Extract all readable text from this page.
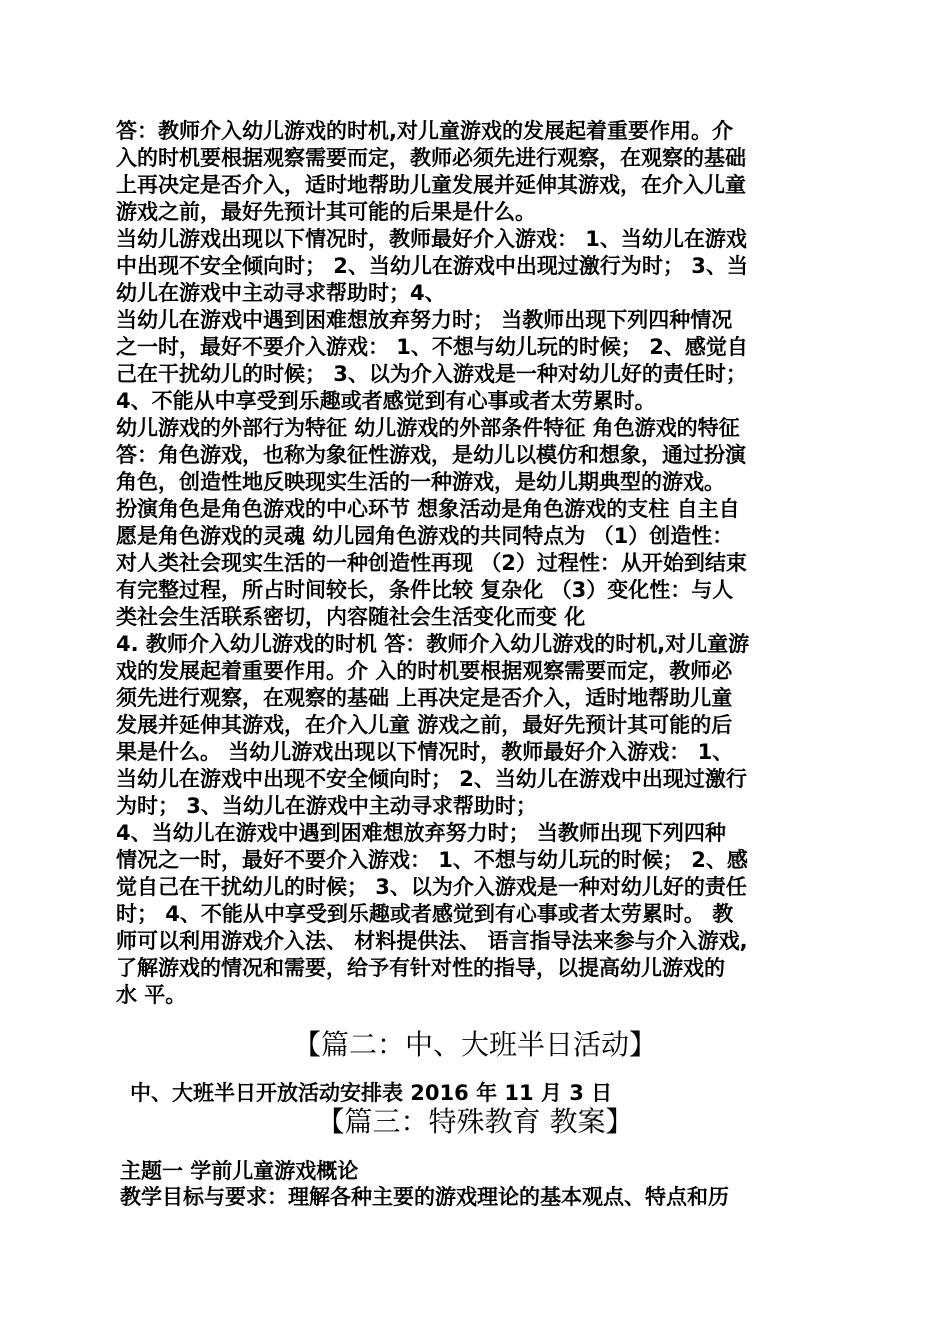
答：教师介入幼儿游戏的时机,对儿童游戏的发展起着重要作用。介
入的时机要根据观察需要而定，教师必须先进行观察，在观察的基础
上再决定是否介入，适时地帮助儿童发展并延伸其游戏，在介入儿童
游戏之前，最好先预计其可能的后果是什么。
当幼儿游戏出现以下情况时，教师最好介入游戏： 1、当幼儿在游戏
中出现不安全倾向时； 2、当幼儿在游戏中出现过激行为时； 3、当
幼儿在游戏中主动寻求帮助时；4、
当幼儿在游戏中遇到困难想放弃努力时； 当教师出现下列四种情况
之一时，最好不要介入游戏： 1、不想与幼儿玩的时候； 2、感觉自
己在干扰幼儿的时候； 3、以为介入游戏是一种对幼儿好的责任时；
4、不能从中享受到乐趣或者感觉到有心事或者太劳累时。
幼儿游戏的外部行为特征 幼儿游戏的外部条件特征 角色游戏的特征
答：角色游戏，也称为象征性游戏，是幼儿以模仿和想象，通过扮演
角色，创造性地反映现实生活的一种游戏，是幼儿期典型的游戏。
扮演角色是角色游戏的中心环节 想象活动是角色游戏的支柱 自主自
愿是角色游戏的灵魂 幼儿园角色游戏的共同特点为 （1）创造性：
对人类社会现实生活的一种创造性再现 （2）过程性：从开始到结束
有完整过程，所占时间较长，条件比较 复杂化 （3）变化性：与人
类社会生活联系密切，内容随社会生活变化而变 化
4. 教师介入幼儿游戏的时机 答：教师介入幼儿游戏的时机,对儿童游
戏的发展起着重要作用。介 入的时机要根据观察需要而定，教师必
须先进行观察，在观察的基础 上再决定是否介入，适时地帮助儿童
发展并延伸其游戏，在介入儿童 游戏之前，最好先预计其可能的后
果是什么。 当幼儿游戏出现以下情况时，教师最好介入游戏： 1、
当幼儿在游戏中出现不安全倾向时； 2、当幼儿在游戏中出现过激行
为时； 3、当幼儿在游戏中主动寻求帮助时；
4、当幼儿在游戏中遇到困难想放弃努力时； 当教师出现下列四种
情况之一时，最好不要介入游戏： 1、不想与幼儿玩的时候； 2、感
觉自己在干扰幼儿的时候； 3、以为介入游戏是一种对幼儿好的责任
时； 4、不能从中享受到乐趣或者感觉到有心事或者太劳累时。 教
师可以利用游戏介入法、 材料提供法、 语言指导法来参与介入游戏,
了解游戏的情况和需要，给予有针对性的指导，以提高幼儿游戏的
水 平。
【篇二：中、大班半日活动】
中、大班半日开放活动安排表 2016 年 11 月 3 日
【篇三：特殊教育 教案】
主题一 学前儿童游戏概论
教学目标与要求：理解各种主要的游戏理论的基本观点、特点和历
